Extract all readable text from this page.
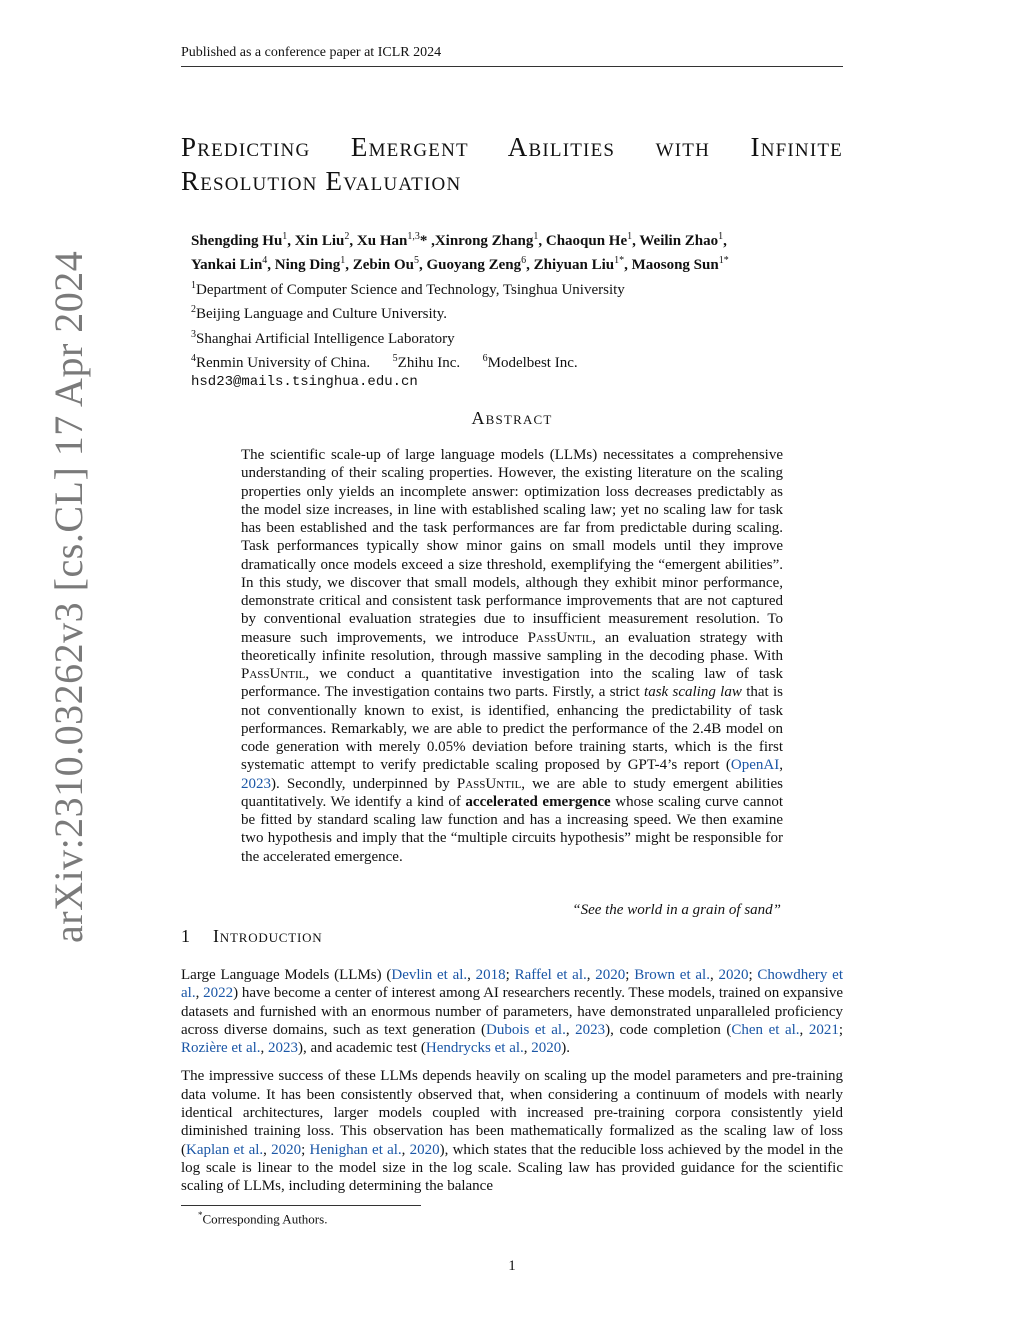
Published as a conference paper at ICLR 2024
arXiv:2310.03262v3 [cs.CL] 17 Apr 2024
Predicting Emergent Abilities with Infinite Resolution Evaluation
Shengding Hu$^1$, Xin Liu$^2$, Xu Han$^{1,3}$* ,Xinrong Zhang$^1$, Chaoqun He$^1$, Weilin Zhao$^1$,
Yankai Lin$^4$, Ning Ding$^1$, Zebin Ou$^5$, Guoyang Zeng$^6$, Zhiyuan Liu$^{1*}$, Maosong Sun$^{1*}$
$^1$Department of Computer Science and Technology, Tsinghua University
$^2$Beijing Language and Culture University.
$^3$Shanghai Artificial Intelligence Laboratory
$^4$Renmin University of China.   $^5$Zhihu Inc.   $^6$Modelbest Inc.
hsd23@mails.tsinghua.edu.cn
Abstract
The scientific scale-up of large language models (LLMs) necessitates a comprehensive understanding of their scaling properties. However, the existing literature on the scaling properties only yields an incomplete answer: optimization loss decreases predictably as the model size increases, in line with established scaling law; yet no scaling law for task has been established and the task performances are far from predictable during scaling. Task performances typically show minor gains on small models until they improve dramatically once models exceed a size threshold, exemplifying the “emergent abilities”. In this study, we discover that small models, although they exhibit minor performance, demonstrate critical and consistent task performance improvements that are not captured by conventional evaluation strategies due to insufficient measurement resolution. To measure such improvements, we introduce PassUntil, an evaluation strategy with theoretically infinite resolution, through massive sampling in the decoding phase. With PassUntil, we conduct a quantitative investigation into the scaling law of task performance. The investigation contains two parts. Firstly, a strict task scaling law that is not conventionally known to exist, is identified, enhancing the predictability of task performances. Remarkably, we are able to predict the performance of the 2.4B model on code generation with merely 0.05% deviation before training starts, which is the first systematic attempt to verify predictable scaling proposed by GPT-4’s report (OpenAI, 2023). Secondly, underpinned by PassUntil, we are able to study emergent abilities quantitatively. We identify a kind of accelerated emergence whose scaling curve cannot be fitted by standard scaling law function and has a increasing speed. We then examine two hypothesis and imply that the “multiple circuits hypothesis” might be responsible for the accelerated emergence.
“See the world in a grain of sand”
1 Introduction

Large Language Models (LLMs) (Devlin et al., 2018; Raffel et al., 2020; Brown et al., 2020; Chowdhery et al., 2022) have become a center of interest among AI researchers recently. These models, trained on expansive datasets and furnished with an enormous number of parameters, have demonstrated unparalleled proficiency across diverse domains, such as text generation (Dubois et al., 2023), code completion (Chen et al., 2021; Rozière et al., 2023), and academic test (Hendrycks et al., 2020).

The impressive success of these LLMs depends heavily on scaling up the model parameters and pre-training data volume. It has been consistently observed that, when considering a continuum of models with nearly identical architectures, larger models coupled with increased pre-training corpora consistently yield diminished training loss. This observation has been mathematically formalized as the scaling law of loss (Kaplan et al., 2020; Henighan et al., 2020), which states that the reducible loss achieved by the model in the log scale is linear to the model size in the log scale. Scaling law has provided guidance for the scientific scaling of LLMs, including determining the balance

*Corresponding Authors.
1
